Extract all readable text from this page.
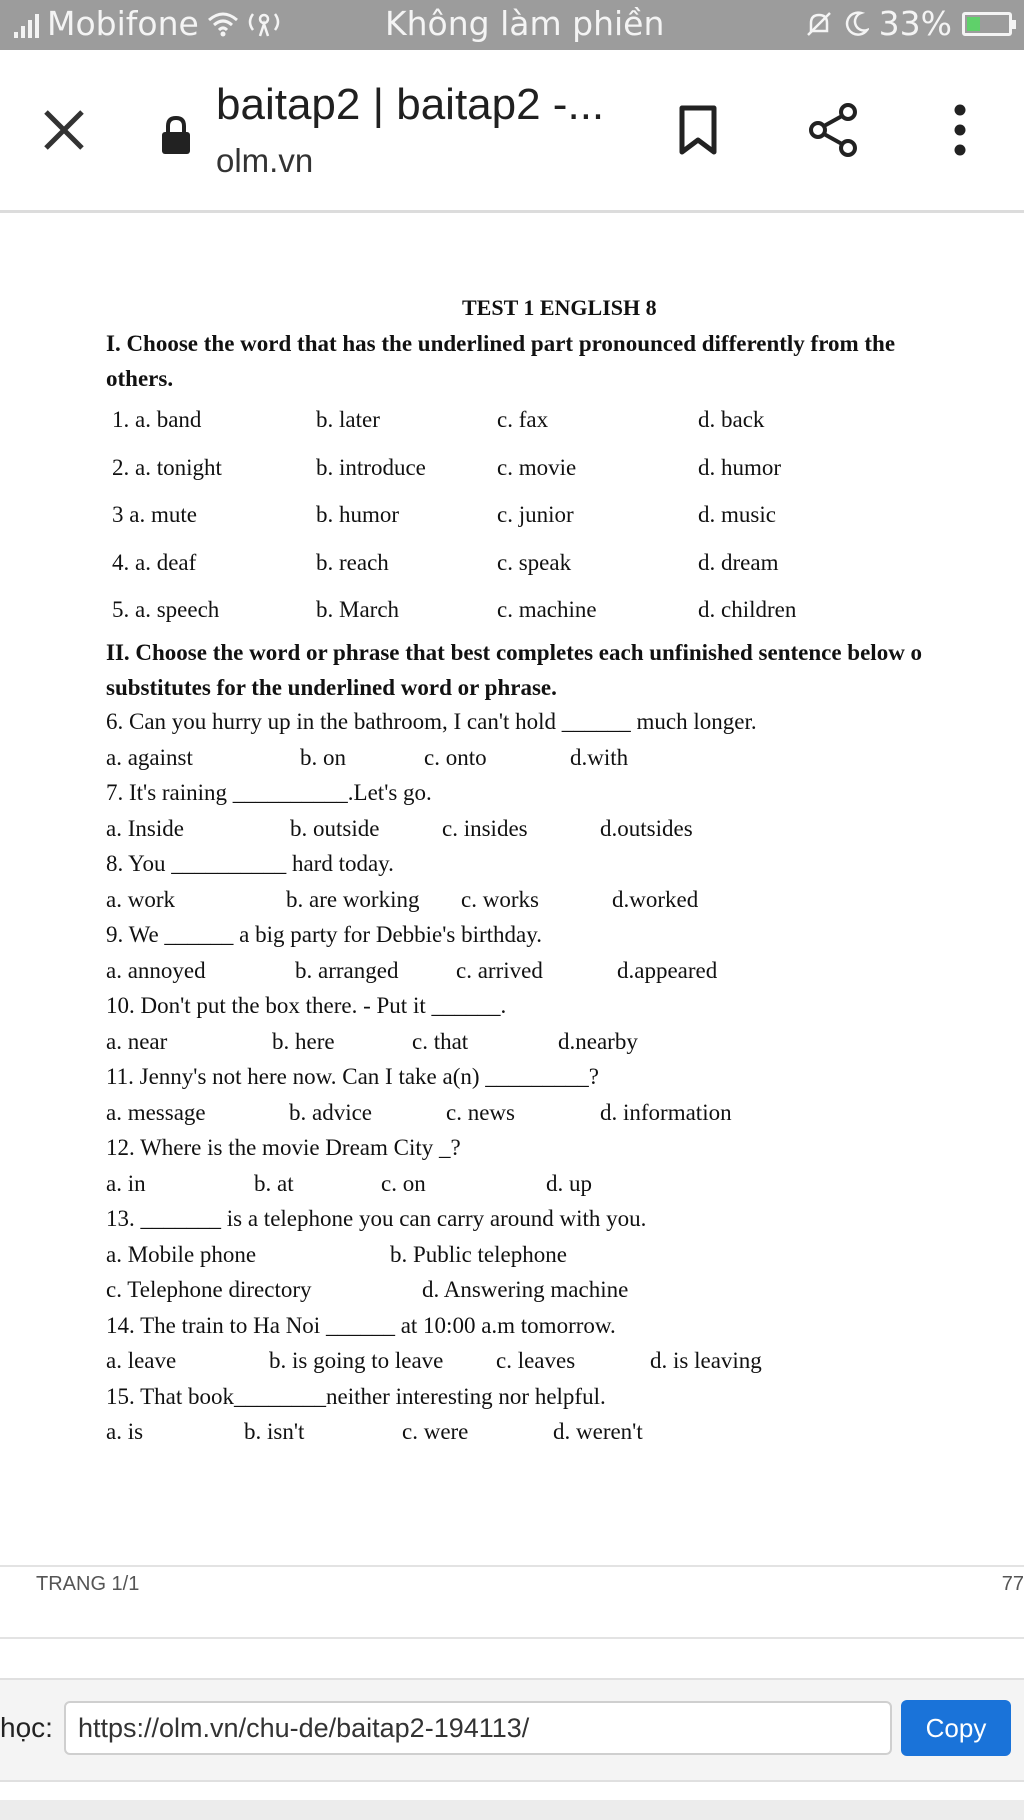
Mobifone	Không làm phiền	33%
baitap2 | baitap2 -...
olm.vn
TEST 1 ENGLISH 8
I. Choose the word that has the underlined part pronounced differently from the
others.
1. a. band	b. later	c. fax	d. back
2. a. tonight	b. introduce	c. movie	d. humor
3 a. mute	b. humor	c. junior	d. music
4. a. deaf	b. reach	c. speak	d. dream
5. a. speech	b. March	c. machine	d. children
II. Choose the word or phrase that best completes each unfinished sentence below o
substitutes for the underlined word or phrase.
6. Can you hurry up in the bathroom, I can't hold ______ much longer.
a. against	b. on	c. onto	d.with
7. It's raining __________.Let's go.
a. Inside	b. outside	c. insides	d.outsides
8. You __________ hard today.
a. work	b. are working c. works	d.worked
9. We ______ a big party for Debbie's birthday.
a. annoyed	b. arranged	c. arrived	d.appeared
10. Don't put the box there. - Put it ______.
a. near	b. here	c. that	d.nearby
11. Jenny's not here now. Can I take a(n) _________?
a. message	b. advice	c. news	d. information
12. Where is the movie Dream City _?
a. in	b. at	c. on	d. up
13. _______ is a telephone you can carry around with you.
a. Mobile phone	b. Public telephone
c. Telephone directory	d. Answering machine
14. The train to Ha Noi ______ at 10:00 a.m tomorrow.
a. leave	b. is going to leave c. leaves	d. is leaving
15. That book________neither interesting nor helpful.
a. is	b. isn't	c. were	d. weren't
TRANG 1/1	77
học: https://olm.vn/chu-de/baitap2-194113/	Copy
